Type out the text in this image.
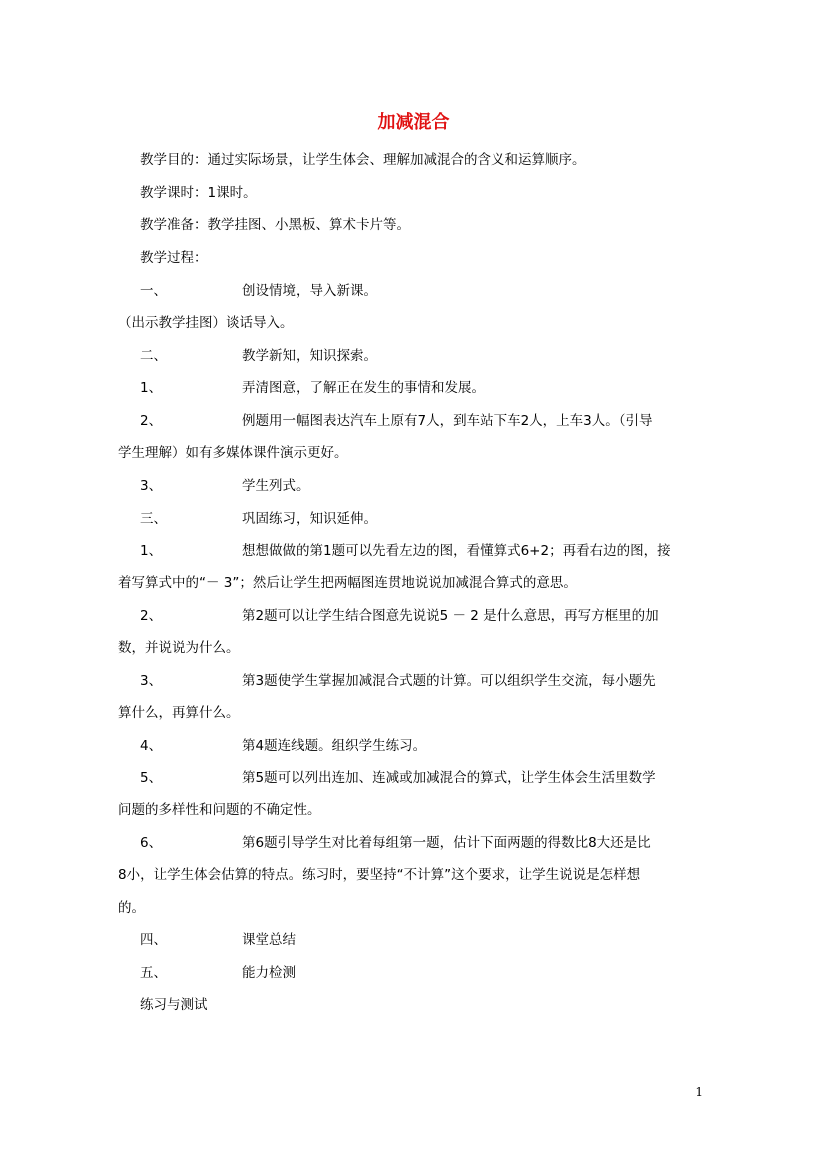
加减混合
教学目的：通过实际场景，让学生体会、理解加减混合的含义和运算顺序。
教学课时：1课时。
教学准备：教学挂图、小黑板、算术卡片等。
教学过程：
一、	创设情境，导入新课。
（出示教学挂图）谈话导入。
二、	教学新知，知识探索。
1、	弄清图意，了解正在发生的事情和发展。
2、	例题用一幅图表达汽车上原有7人，到车站下车2人，上车3人。（引导
学生理解）如有多媒体课件演示更好。
3、	学生列式。
三、	巩固练习，知识延伸。
1、	想想做做的第1题可以先看左边的图，看懂算式6+2；再看右边的图，接
着写算式中的“－ 3”；然后让学生把两幅图连贯地说说加减混合算式的意思。
2、	第2题可以让学生结合图意先说说5 － 2 是什么意思，再写方框里的加
数，并说说为什么。
3、	第3题使学生掌握加减混合式题的计算。可以组织学生交流，每小题先
算什么，再算什么。
4、	第4题连线题。组织学生练习。
5、	第5题可以列出连加、连减或加减混合的算式，让学生体会生活里数学
问题的多样性和问题的不确定性。
6、	第6题引导学生对比着每组第一题，估计下面两题的得数比8大还是比
8小，让学生体会估算的特点。练习时，要坚持“不计算”这个要求，让学生说说是怎样想
的。
四、	课堂总结
五、	能力检测
练习与测试
1
